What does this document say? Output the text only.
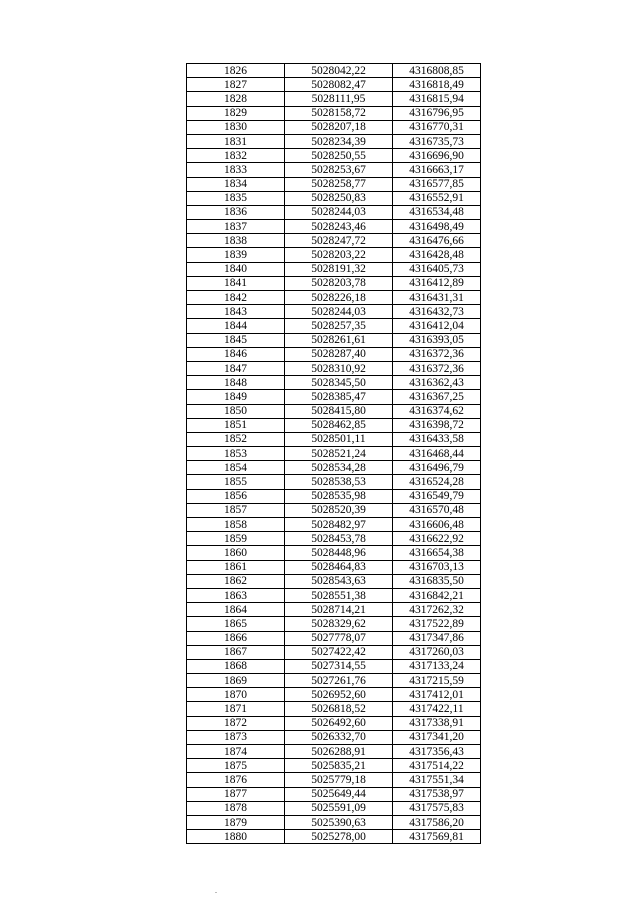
1826	5028042,22	4316808,85
1827	5028082,47	4316818,49
1828	5028111,95	4316815,94
1829	5028158,72	4316796,95
1830	5028207,18	4316770,31
1831	5028234,39	4316735,73
1832	5028250,55	4316696,90
1833	5028253,67	4316663,17
1834	5028258,77	4316577,85
1835	5028250,83	4316552,91
1836	5028244,03	4316534,48
1837	5028243,46	4316498,49
1838	5028247,72	4316476,66
1839	5028203,22	4316428,48
1840	5028191,32	4316405,73
1841	5028203,78	4316412,89
1842	5028226,18	4316431,31
1843	5028244,03	4316432,73
1844	5028257,35	4316412,04
1845	5028261,61	4316393,05
1846	5028287,40	4316372,36
1847	5028310,92	4316372,36
1848	5028345,50	4316362,43
1849	5028385,47	4316367,25
1850	5028415,80	4316374,62
1851	5028462,85	4316398,72
1852	5028501,11	4316433,58
1853	5028521,24	4316468,44
1854	5028534,28	4316496,79
1855	5028538,53	4316524,28
1856	5028535,98	4316549,79
1857	5028520,39	4316570,48
1858	5028482,97	4316606,48
1859	5028453,78	4316622,92
1860	5028448,96	4316654,38
1861	5028464,83	4316703,13
1862	5028543,63	4316835,50
1863	5028551,38	4316842,21
1864	5028714,21	4317262,32
1865	5028329,62	4317522,89
1866	5027778,07	4317347,86
1867	5027422,42	4317260,03
1868	5027314,55	4317133,24
1869	5027261,76	4317215,59
1870	5026952,60	4317412,01
1871	5026818,52	4317422,11
1872	5026492,60	4317338,91
1873	5026332,70	4317341,20
1874	5026288,91	4317356,43
1875	5025835,21	4317514,22
1876	5025779,18	4317551,34
1877	5025649,44	4317538,97
1878	5025591,09	4317575,83
1879	5025390,63	4317586,20
1880	5025278,00	4317569,81
